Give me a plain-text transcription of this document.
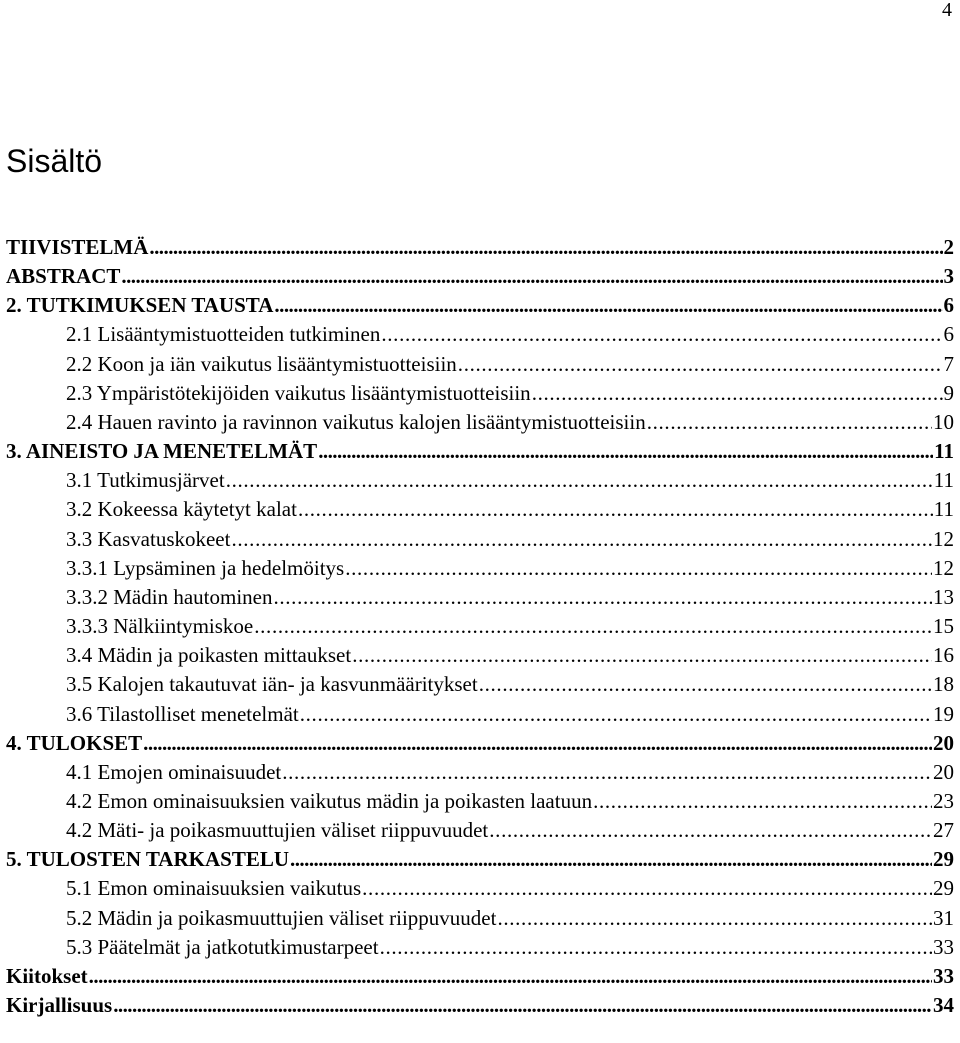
4
Sisältö
TIIVISTELMÄ . . .	2
ABSTRACT . . .	3
2. TUTKIMUKSEN TAUSTA . . .	6
2.1 Lisääntymistuotteiden tutkiminen . . .	6
2.2 Koon ja iän vaikutus lisääntymistuotteisiin . . .	7
2.3 Ympäristötekijöiden vaikutus lisääntymistuotteisiin . . .	9
2.4 Hauen ravinto ja ravinnon vaikutus kalojen lisääntymistuotteisiin . . .	10
3. AINEISTO JA MENETELMÄT . . .	11
3.1 Tutkimusjärvet . . .	11
3.2 Kokeessa käytetyt kalat . . .	11
3.3 Kasvatuskokeet . . .	12
3.3.1 Lypsäminen ja hedelmöitys . . .	12
3.3.2 Mädin hautominen . . .	13
3.3.3 Nälkiintymiskoe . . .	15
3.4 Mädin ja poikasten mittaukset . . .	16
3.5 Kalojen takautuvat iän- ja kasvunmääritykset . . .	18
3.6 Tilastolliset menetelmät . . .	19
4. TULOKSET . . .	20
4.1 Emojen ominaisuudet . . .	20
4.2 Emon ominaisuuksien vaikutus mädin ja poikasten laatuun . . .	23
4.2 Mäti- ja poikasmuuttujien väliset riippuvuudet . . .	27
5. TULOSTEN TARKASTELU . . .	29
5.1 Emon ominaisuuksien vaikutus . . .	29
5.2 Mädin ja poikasmuuttujien väliset riippuvuudet . . .	31
5.3 Päätelmät ja jatkotutkimustarpeet . . .	33
Kiitokset . . .	33
Kirjallisuus . . .	34
